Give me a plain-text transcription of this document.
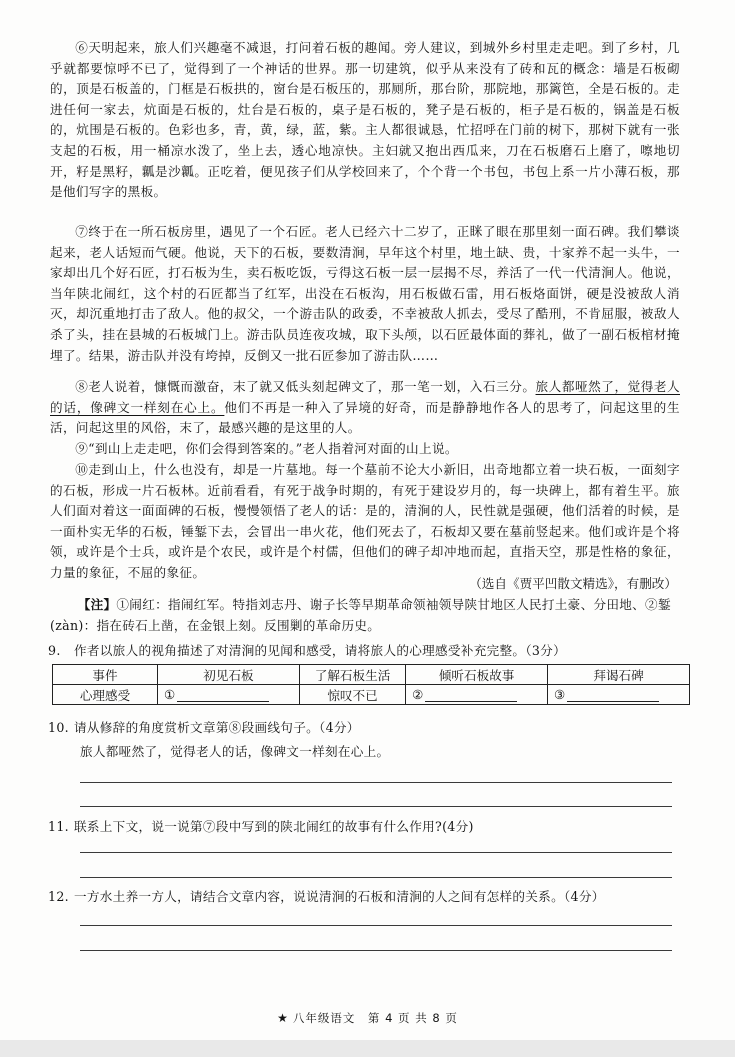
⑥天明起来，旅人们兴趣毫不减退，打问着石板的趣闻。旁人建议，到城外乡村里走走吧。到了乡村，几乎就都要惊呼不已了，觉得到了一个神话的世界。那一切建筑，似乎从来没有了砖和瓦的概念：墙是石板砌的，顶是石板盖的，门框是石板拱的，窗台是石板压的，那厕所，那台阶，那院地，那篱笆，全是石板的。走进任何一家去，炕面是石板的，灶台是石板的，桌子是石板的，凳子是石板的，柜子是石板的，锅盖是石板的，炕围是石板的。色彩也多，青，黄，绿，蓝，紫。主人都很诚恳，忙招呼在门前的树下，那树下就有一张支起的石板，用一桶凉水泼了，坐上去，透心地凉快。主妇就又抱出西瓜来，刀在石板磨石上磨了，嚓地切开，籽是黑籽，瓤是沙瓤。正吃着，便见孩子们从学校回来了，个个背一个书包，书包上系一片小薄石板，那是他们写字的黑板。
⑦终于在一所石板房里，遇见了一个石匠。老人已经六十二岁了，正眯了眼在那里刻一面石碑。我们攀谈起来，老人话短而气硬。他说，天下的石板，要数清涧，早年这个村里，地土缺、贵，十家养不起一头牛，一家却出几个好石匠，打石板为生，卖石板吃饭，亏得这石板一层一层揭不尽，养活了一代一代清涧人。他说，当年陕北闹红，这个村的石匠都当了红军，出没在石板沟，用石板做石雷，用石板烙面饼，硬是没被敌人消灭，却沉重地打击了敌人。他的叔父，一个游击队的政委，不幸被敌人抓去，受尽了酷刑，不肯屈服，被敌人杀了头，挂在县城的石板城门上。游击队员连夜攻城，取下头颅，以石匠最体面的葬礼，做了一副石板棺材掩埋了。结果，游击队并没有垮掉，反倒又一批石匠参加了游击队……
⑧老人说着，慷慨而激奋，末了就又低头刻起碑文了，那一笔一划，入石三分。旅人都哑然了，觉得老人的话，像碑文一样刻在心上。他们不再是一种入了异境的好奇，而是静静地作各人的思考了，问起这里的生活，问起这里的风俗，末了，最感兴趣的是这里的人。
⑨“到山上走走吧，你们会得到答案的。”老人指着河对面的山上说。
⑩走到山上，什么也没有，却是一片墓地。每一个墓前不论大小新旧，出奇地都立着一块石板，一面刻字的石板，形成一片石板林。近前看看，有死于战争时期的，有死于建设岁月的，每一块碑上，都有着生平。旅人们面对着这一面面碑的石板，慢慢领悟了老人的话：是的，清涧的人，民性就是强硬，他们活着的时候，是一面朴实无华的石板，锤錾下去，会冒出一串火花，他们死去了，石板却又要在墓前竖起来。他们或许是个将领，或许是个士兵，或许是个农民，或许是个村儒，但他们的碑子却冲地而起，直指天空，那是性格的象征，力量的象征，不屈的象征。
（选自《贾平凹散文精选》，有删改）
【注】①闹红：指闹红军。特指刘志丹、谢子长等早期革命领袖领导陕甘地区人民打土豪、分田地、②錾(zàn)：指在砖石上凿，在金银上刻。反围剿的革命历史。
9. 作者以旅人的视角描述了对清涧的见闻和感受，请将旅人的心理感受补充完整。（3分）
事件	初见石板	了解石板生活	倾听石板故事	拜谒石碑
心理感受	①	惊叹不已	②	③
10. 请从修辞的角度赏析文章第⑧段画线句子。（4分）
旅人都哑然了，觉得老人的话，像碑文一样刻在心上。
11. 联系上下文，说一说第⑦段中写到的陕北闹红的故事有什么作用?(4分)
12. 一方水土养一方人，请结合文章内容，说说清涧的石板和清涧的人之间有怎样的关系。（4分）
★ 八年级语文　第 4 页 共 8 页
